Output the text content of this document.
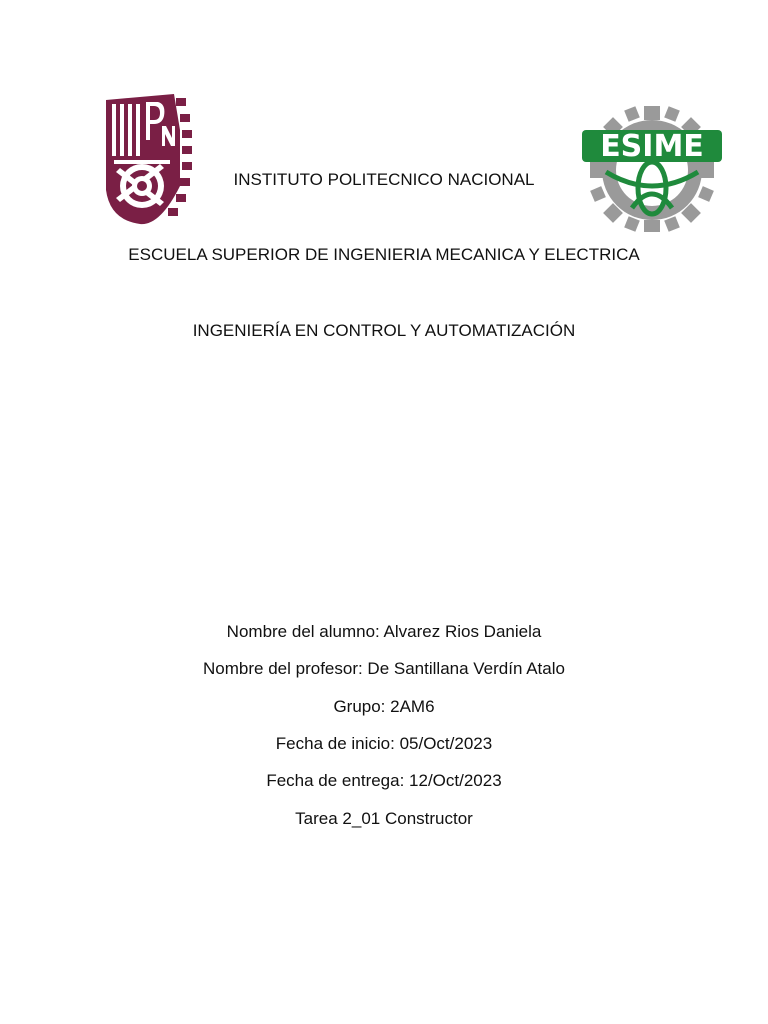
ESIME
INSTITUTO POLITECNICO NACIONAL
ESCUELA SUPERIOR DE INGENIERIA MECANICA Y ELECTRICA
INGENIERÍA EN CONTROL Y AUTOMATIZACIÓN
Nombre del alumno: Alvarez Rios Daniela
Nombre del profesor: De Santillana Verdín Atalo
Grupo: 2AM6
Fecha de inicio: 05/Oct/2023
Fecha de entrega: 12/Oct/2023
Tarea 2_01 Constructor
